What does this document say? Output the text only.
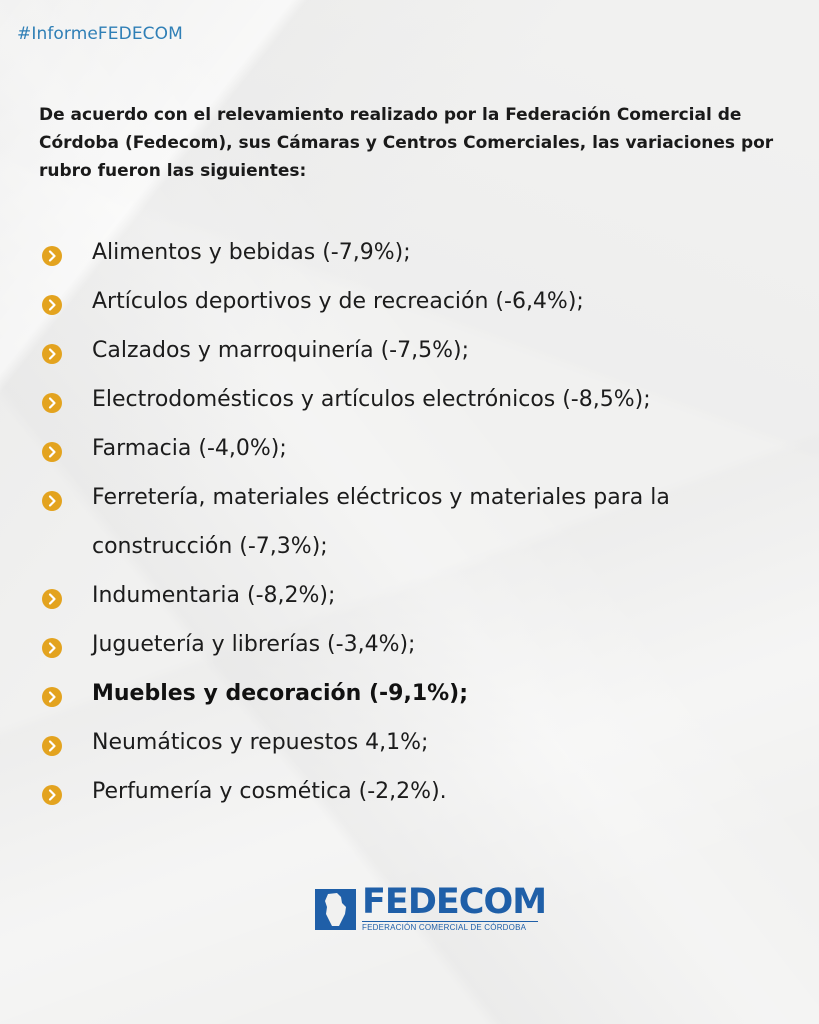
#InformeFEDECOM
De acuerdo con el relevamiento realizado por la Federación Comercial de Córdoba (Fedecom), sus Cámaras y Centros Comerciales, las variaciones por rubro fueron las siguientes:
Alimentos y bebidas (-7,9%);
Artículos deportivos y de recreación (-6,4%);
Calzados y marroquinería (-7,5%);
Electrodomésticos y artículos electrónicos (-8,5%);
Farmacia (-4,0%);
Ferretería, materiales eléctricos y materiales para la construcción (-7,3%);
Indumentaria (-8,2%);
Juguetería y librerías (-3,4%);
Muebles y decoración (-9,1%);
Neumáticos y repuestos 4,1%;
Perfumería y cosmética (-2,2%).
FEDECOM
FEDERACIÓN COMERCIAL DE CÓRDOBA
